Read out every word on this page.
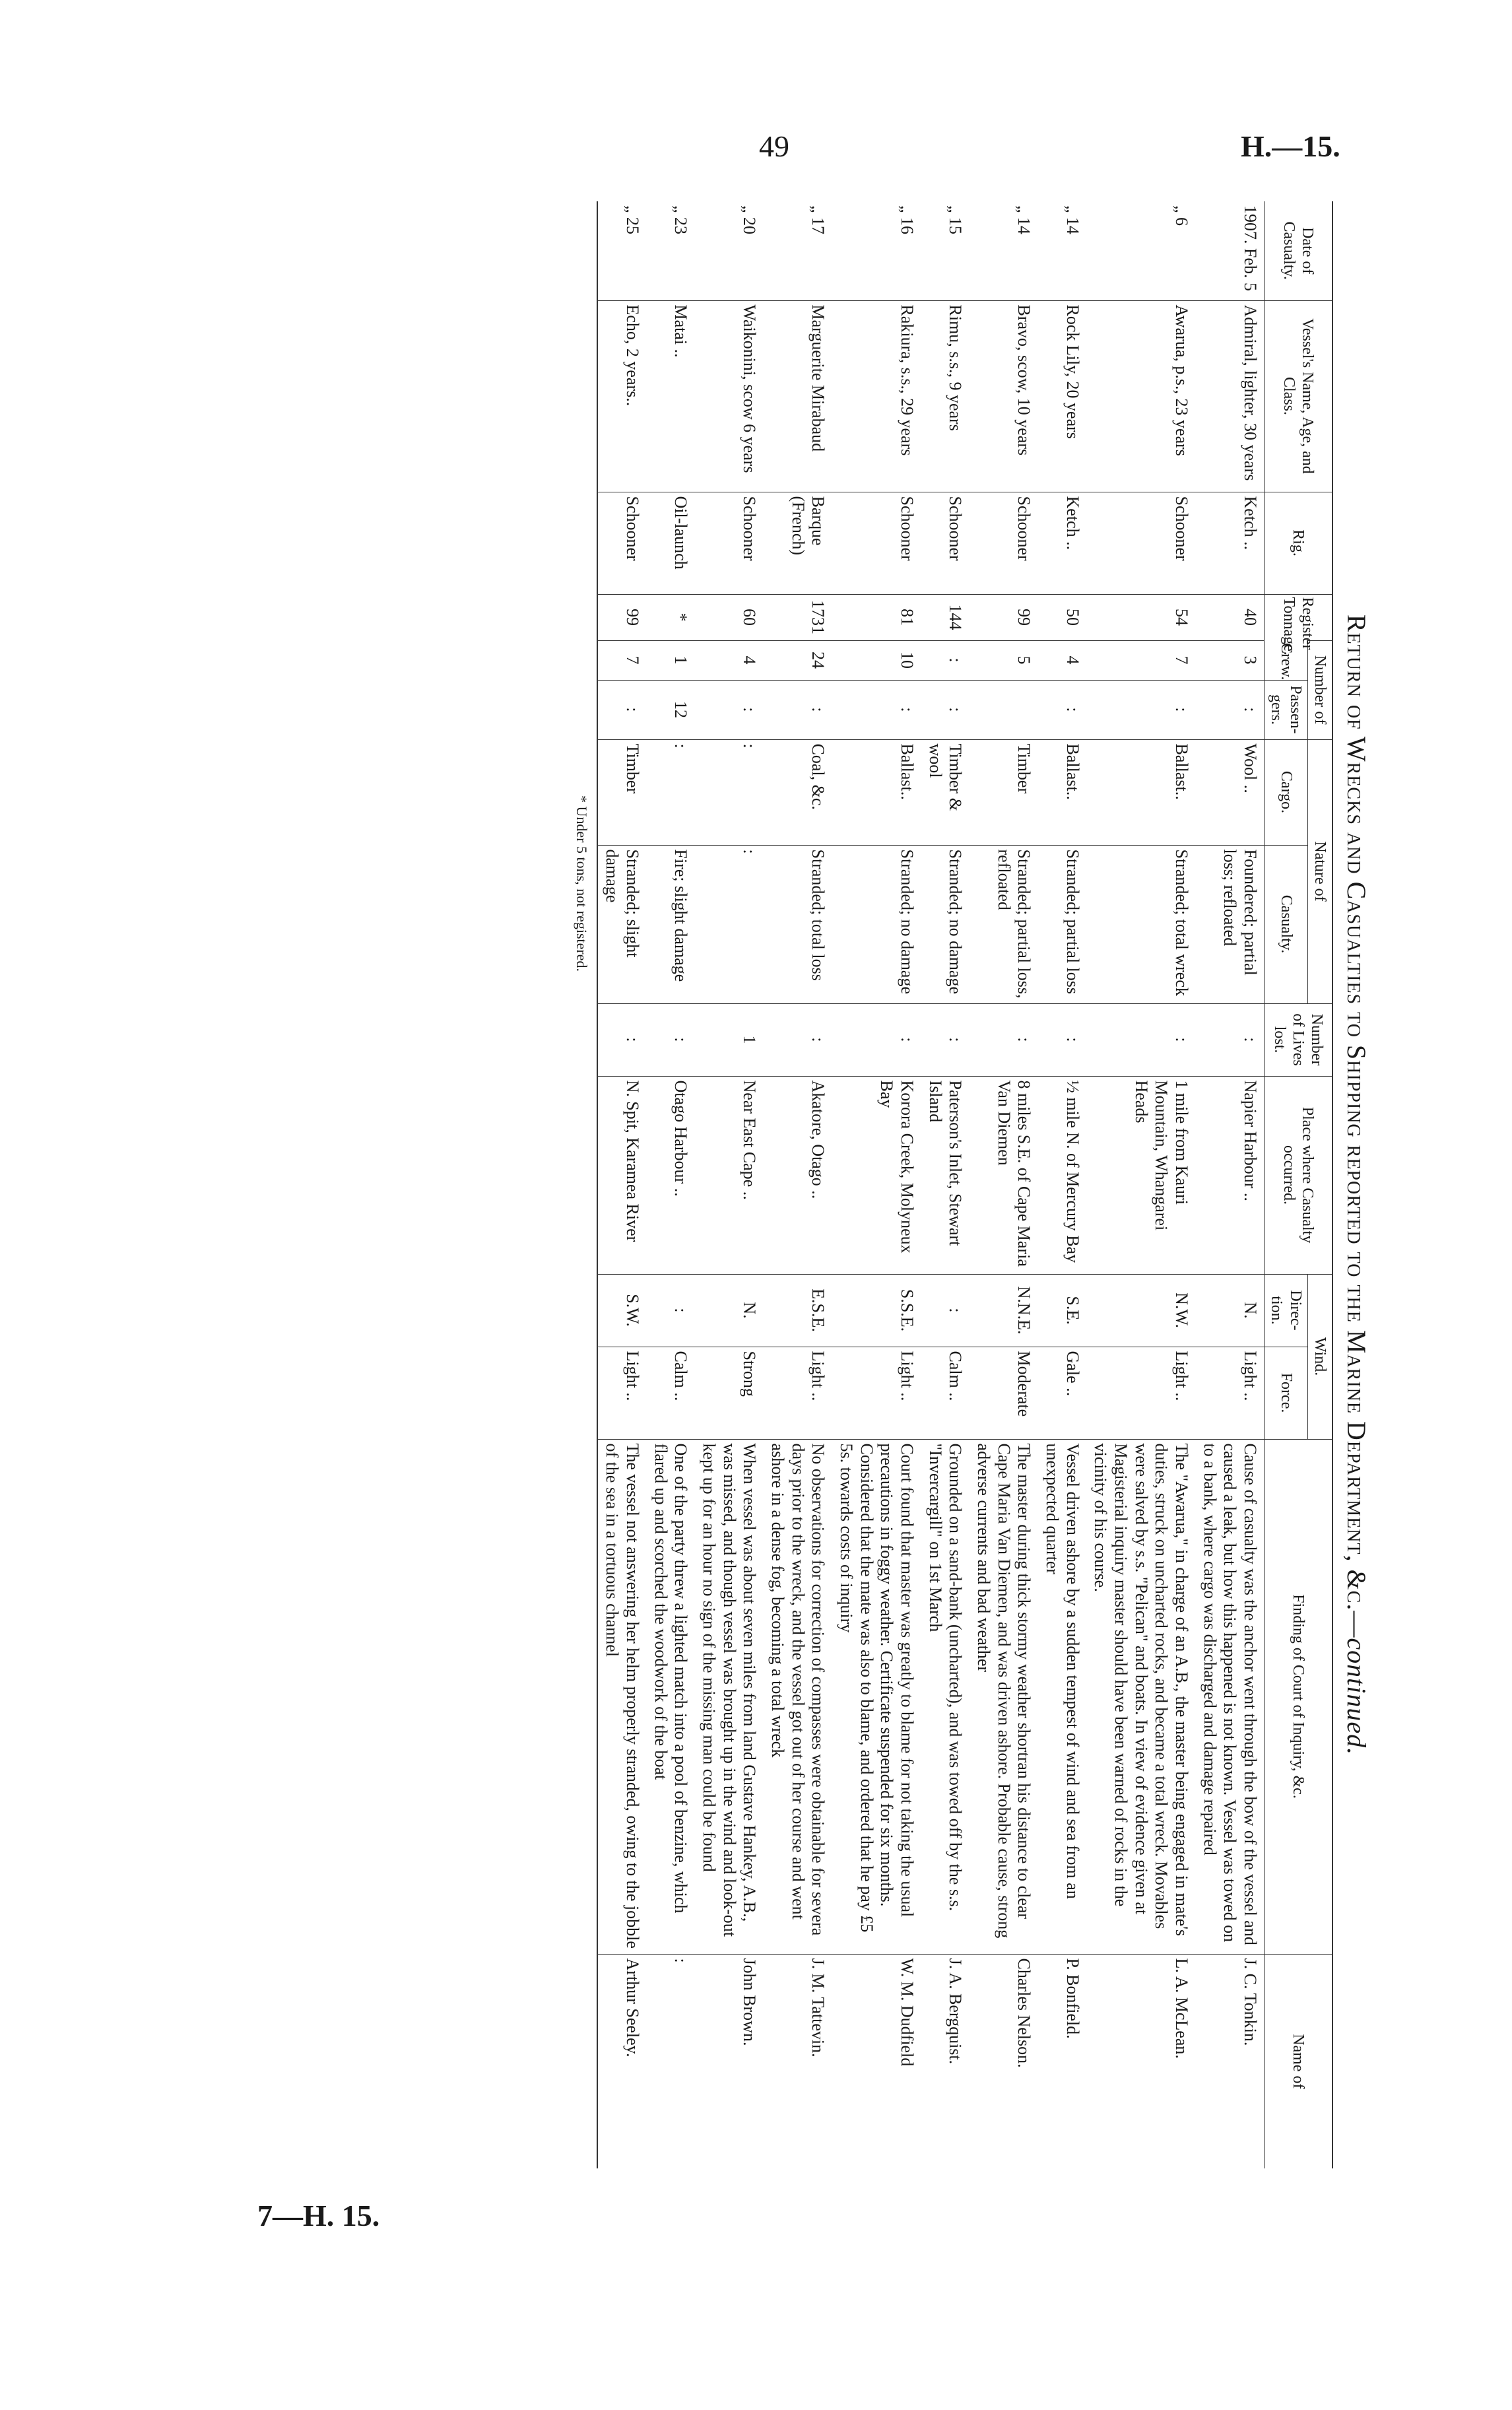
49	H.—15.
7—H. 15.
Return of Wrecks and Casualties to Shipping reported to the Marine Department, &c.—continued.
Date of Casualty.	Vessel's Name, Age, and Class.	Rig.	Register Tonnage.	Number of		Nature of		Number of Lives lost.	Place where Casualty occurred.	Wind.		Finding of Court of Inquiry, &c.	Name of
				Crew.	Passen-gers.	Cargo.	Casualty.			Direc-tion.	Force.		
1907. Feb. 5	Admiral, lighter, 30 years	Ketch ..	40	3	:	Wool ..	Foundered; partial loss; refloated	:	Napier Harbour ..	N.	Light ..	Cause of casualty was the anchor went through the bow of the vessel and caused a leak, but how this happened is not known. Vessel was towed on to a bank, where cargo was discharged and damage repaired	J. C. Tonkin.
„ 6	Awarua, p.s., 23 years	Schooner	54	7	:	Ballast..	Stranded; total wreck	:	1 mile from Kauri Mountain, Whangarei Heads	N.W.	Light ..	The "Awarua," in charge of an A.B., the master being engaged in mate's duties, struck on uncharted rocks, and became a total wreck. Movables were salved by s.s. "Pelican" and boats. In view of evidence given at Magisterial inquiry master should have been warned of rocks in the vicinity of his course.	L. A. McLean.
„ 14	Rock Lily, 20 years	Ketch ..	50	4	:	Ballast..	Stranded; partial loss	:	½ mile N. of Mercury Bay	S.E.	Gale ..	Vessel driven ashore by a sudden tempest of wind and sea from an unexpected quarter	P. Bonfield.
„ 14	Bravo, scow, 10 years	Schooner	99	5		Timber	Stranded; partial loss, refloated	:	8 miles S.E. of Cape Maria Van Diemen	N.N.E.	Moderate	The master during thick stormy weather shortran his distance to clear Cape Maria Van Diemen, and was driven ashore. Probable cause, strong adverse currents and bad weather	Charles Nelson.
„ 15	Rimu, s.s., 9 years	Schooner	144	:	:	Timber & wool	Stranded; no damage	:	Paterson's Inlet, Stewart Island	:	Calm ..	Grounded on a sand-bank (uncharted), and was towed off by the s.s. "Invercargill" on 1st March	J. A. Bergquist.
„ 16	Rakiura, s.s., 29 years	Schooner	81	10	:	Ballast..	Stranded; no damage	:	Korora Creek, Molyneux Bay	S.S.E.	Light ..	Court found that master was greatly to blame for not taking the usual precautions in foggy weather. Certificate suspended for six months. Considered that the mate was also to blame, and ordered that he pay £5 5s. towards costs of inquiry	W. M. Dudfield
„ 17	Marguerite Mirabaud	Barque (French)	1731	24	:	Coal, &c.	Stranded; total loss	:	Akatore, Otago ..	E.S.E.	Light ..	No observations for correction of compasses were obtainable for severa days prior to the wreck, and the vessel got out of her course and went ashore in a dense fog, becoming a total wreck	J. M. Tattevin.
„ 20	Waikonini, scow 6 years	Schooner	60	4	:	:	:	1	Near East Cape ..	N.	Strong	When vessel was about seven miles from land Gustave Hankey, A.B., was missed, and though vessel was brought up in the wind and look-out kept up for an hour no sign of the missing man could be found	John Brown.
„ 23	Matai ..	Oil-launch	*	1	12	:	Fire; slight damage	:	Otago Harbour ..	:	Calm ..	One of the party threw a lighted match into a pool of benzine, which flared up and scorched the woodwork of the boat	:
„ 25	Echo, 2 years..	Schooner	99	7	:	Timber	Stranded; slight damage	:	N. Spit, Karamea River	S.W.	Light ..	The vessel not answering her helm properly stranded, owing to the jobble of the sea in a tortuous channel	Arthur Seeley.
* Under 5 tons, not registered.
